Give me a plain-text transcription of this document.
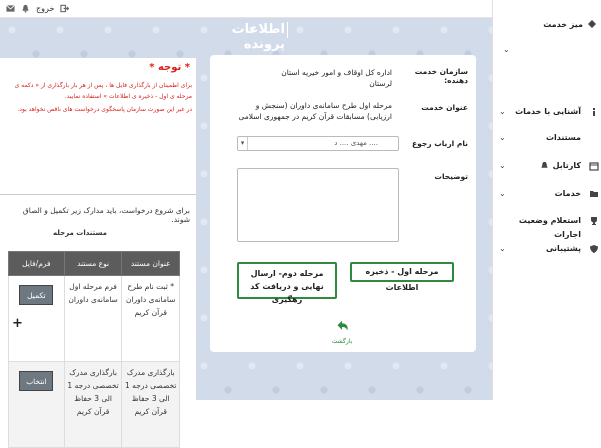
خروج
اطلاعات پرونده
* توجه *

برای اطمینان از بارگذاری فایل ها ، پس از هر بار بارگذاری از « دکمه ی مرحله ی اول - ذخیره ی اطلاعات » استفاده نمایید.

در غیر این صورت سازمان پاسخگوی درخواست های ناقص نخواهد بود.

برای شروع درخواست، باید مدارک زیر تکمیل و الصاق شوند.
مستندات مرحله
عنوان مستند	نوع مستند	فرم/فایل
* ثبت نام طرح سامانه‌ی داوران قرآن کریم	فرم مرحله اول سامانه‌ی داوران	تکمیل
بارگذاری مدرک تخصصی درجه 1 الی 3 حفاظ قرآن کریم	بارگذاری مدرک تخصصی درجه 1 الی 3 حفاظ قرآن کریم	انتخاب
+
سازمان خدمت دهنده:
اداره کل اوقاف و امور خیریه استان لرستان
عنوان خدمت
مرحله اول طرح سامانه‌ی داوران (سنجش و ارزیابی) مسابقات قرآن کریم در جمهوری اسلامی
نام ارباب رجوع
▾	مهدی .... د ....
توضیحات
مرحله اول - ذخیره اطلاعات
مرحله دوم- ارسال نهایی و دریافت کد رهگیری
بازگشت
میز خدمت
⌄
آشنایی با خدمات
⌄
مستندات
⌄
کارتابل
⌄
خدمات
⌄
استعلام وضعیت
اجارات
پشتیبانی
⌄
